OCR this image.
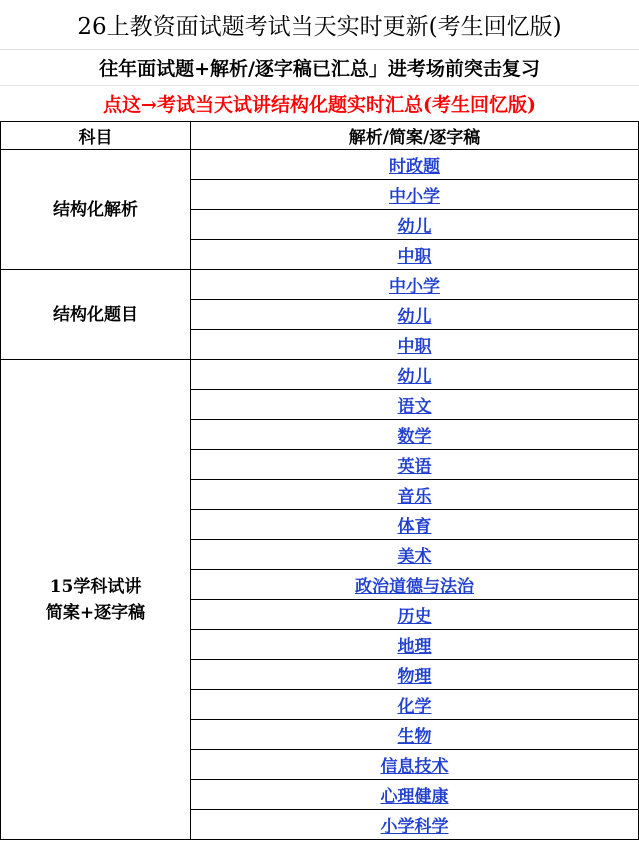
26上教资面试题考试当天实时更新(考生回忆版)
往年面试题+解析/逐字稿已汇总」进考场前突击复习
点这→考试当天试讲结构化题实时汇总(考生回忆版)
科目	解析/简案/逐字稿
结构化解析	时政题
	中小学
	幼儿
	中职
结构化题目	中小学
	幼儿
	中职

15学科试讲
简案+逐字稿	幼儿
	语文
	数学
	英语
	音乐
	体育
	美术
	政治道德与法治
	历史
	地理
	物理
	化学
	生物
	信息技术
	心理健康
	小学科学
